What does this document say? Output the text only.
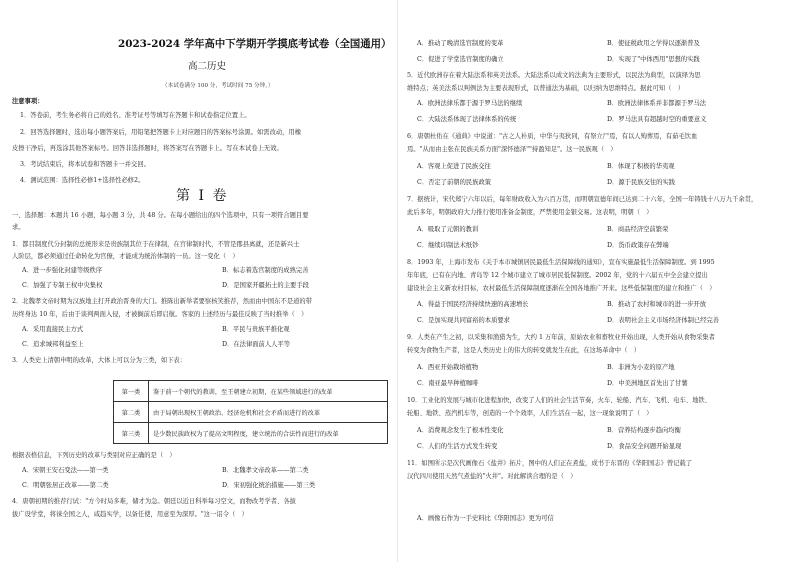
2023-2024 学年高中下学期开学摸底考试卷（全国通用）
高二历史
（本试卷满分 100 分，考试时间 75 分钟。）
注意事项：
1．答卷前，考生务必将自己的姓名、准考证号等填写在答题卡和试卷指定位置上。
2．回答选择题时，选出每小题答案后，用铅笔把答题卡上对应题目的答案标号涂黑。如需改动，用橡
皮擦干净后，再选涂其他答案标号。回答非选择题时，将答案写在答题卡上。写在本试卷上无效。
3．考试结束后，将本试卷和答题卡一并交回。
4．测试范围：选择性必修1+选择性必修2。
第 I 卷
一、选择题：本题共 16 小题，每小题 3 分，共 48 分。在每小题给出的四个选项中，只有一项符合题目要
求。
1．都目制度代分封制的总统形来是贵族制其位于在律制，在宫律制时代，不管是郡县离就，还是新兴士
人阶层，都必须通过任命转化为官僚，才能成为统治体制的一员。这一变化（　）
A．进一步强化封建等级秩序	B．标志着选官制度的成熟完善
C．加强了专制王权中央集权	D．是国家开疆拓土的主要手段
2．北魏孝文帝时期为汉族地主打开政治晋身的大门。推陈出新举者要察核笑推荐，然而由中国东不是道的带
历终身达 10 年，后由于谈判两面入侵，才被搁前后即启航。客家的上述经历与最佳反映了当时推举（　）
A．采用直接民主方式	B．平民与贵族平推化观
C．追求城邦利益至上	D．在法律面前人人平等
3．人类史上清朝申明的改革，大体上可以分为三类，如下表：
第一类	鉴于前一个朝代的教训，至王朝建立初期，在某些领域进行的改革
第二类	由于局朝出现权王朝政治、经济危机和社会矛盾而进行的改革
第三类	是少数民族政权为了提高文明程度，建立统治的合法性而进行的改革
根据表格信息，下列历史的改革与类别对应正确的是（　）
A．宋朝王安石变法——第一类	B．北魏孝文帝改革——第二类
C．明朝张居正改革——第二类	D．宋初强化统治措施——第三类
4．唐朝初期的推荐行试："方今时局多难，储才为急。朝廷以近日科举每习空文，而物改考学者、各拔
拔广设学堂，将徕全国之人，咸趋实学，以备任使，用意至为深厚。"这一诏令（　）
A．推动了晚清选官制度的变革	B．使征税政用之学得以逐渐普及
C．促进了学堂选官制度的确立	D．实现了"中体西用"思想的实践
5．近代欧洲存在着大陆法系和英美法系。大陆法系以成文的法典为主要形式，以民法为典型，以演绎为思
维特点；英美法系以判例法为主要表现形式，以普通法为基础，以归纳为思维特点。据此可知（　）
A．欧洲法律乐都于源于罗马法的继续	B．欧洲法律体系并非都源于罗马法
C．大陆法系体现了法律体系的传统	D．罗马法具有超越时空的重要意义
6．唐朝杜佑在《通典》中说道："古之人朴质，中华与夷狄同，有祭立尸焉，有以人殉葬焉，有茹毛饮血
焉。"从而由主张在民族关系方面"深怀德泽""持盈知足"。这一民族观（　）
A．客观上促进了民族交往	B．体现了积极的华夷观
C．否定了前朝的民族政策	D．源于民族交往的实践
7．据统计，宋代郑宁六年以后，每年财政收入为六百万贯，而明朝宣德年间已达到二十六年，全国一年铸钱十八万九千余贯，
此后多年，明朝政府大力推行使用准备金制度，严禁使用金银交易。这表明，明朝（　）
A．吸取了元朝的教训	B．商品经济空前繁荣
C．继续印制法术纸钞	D．货币政策存在弊端
8．1993 年，上海市发布《关于本市城镇居民最低生活保障线的通知》，宣布实施最低生活保障制度。到 1995
年年底，已有在内地、青岛等 12 个城市建立了城市居民低保制度。2002 年，党的十六届五中全会建立提出
建设社会主义新农村目标，农村最低生活保障制度逐渐在全国各地推广开来。这些低保制度的建立和推广（　）
A．得益于国民经济持续快速的高速增长	B．推动了农村和城市的进一步开放
C．是加实现共同富裕的本质要求	D．表明社会主义市场经济体制已经完善
9．人类在产生之初，以采集和渔猎为生，大约 1 万年前，原始农业和畜牧业开始出现，人类开始从食物采集者
转变为食物生产者，这是人类历史上的伟大的转变就发生在此，在这场革命中（　）
A．西亚开始栽培植物	B．非洲为小麦的原产地
C．南亚最早种植咖啡	D．中美洲地区首先出了甘薯
10．工业化的发展与城市化进程加快，改变了人们的社会生活节奏，火车、轮船、汽车、飞机、电车、地铁、
轮船、地铁、蒸汽机车等，创造的一个个效率，人们生活在一起，这一现象说明了（　）
A．消费观念发生了根本性变化	B．营养结构逐步趋向均衡
C．人们的生活方式发生转变	D．食品安全问题开始显现
11．如图所示是次代画像石《盐井》拓片，图中的人们正在煮盐，成书于东晋的《华阳国志》曾记载了
汉代四川使用天然气煮盐的"火井"。对此解读合理的是（　）
A．画像石作为一手史料比《华阳国志》更为可信
